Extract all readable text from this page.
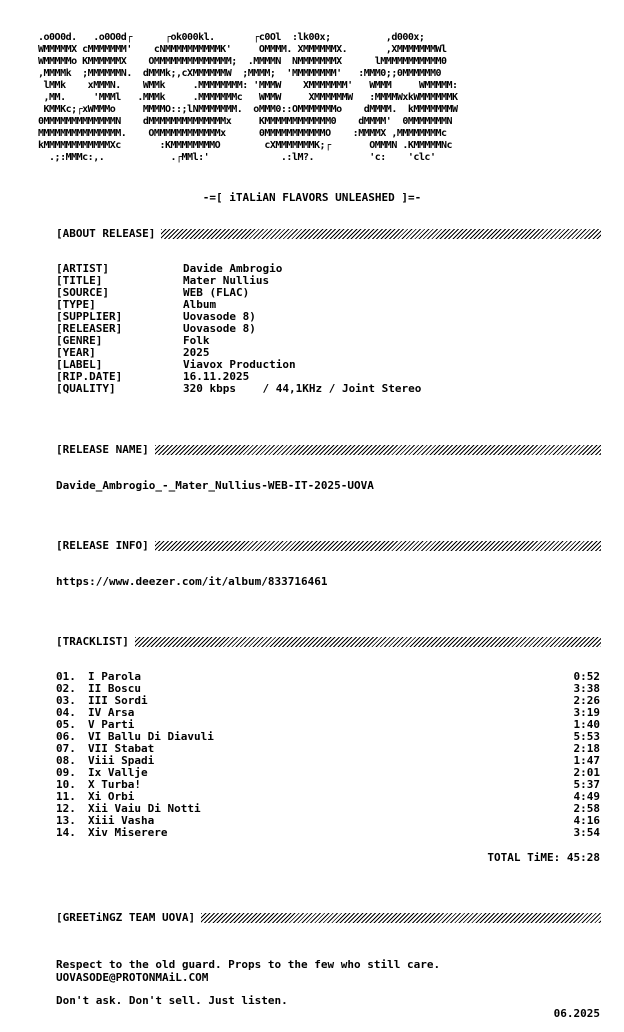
.o0O0d.   .o0O0d┌      ┌ok000kl.       ┌c0Ol  :lk00x;          ,d000x;
WMMMMMX cMMMMMMM'    cNMMMMMMMMMMK'     OMMMM. XMMMMMMX.       ,XMMMMMMMWl
WMMMMMo KMMMMMMX    OMMMMMMMMMMMMMM;  .MMMMN  NMMMMMMMX      lMMMMMMMMMMM0
,MMMMk  ;MMMMMMN.  dMMMk;,cXMMMMMMW  ;MMMM;  'MMMMMMMM'   :MMM0;;0MMMMMM0
lMMk    xMMMN.    WMMk     .MMMMMMMM: 'MMMW    XMMMMMMM'   WMMM     WMMMMM:
,MM.     'MMMl   .MMMk     .MMMMMMMc   WMMW     XMMMMMMW   :MMMMWxkWMMMMMMK
KMMKc;┌xWMMMo     MMMMO::;lNMMMMMMM.  oMMM0::OMMMMMMMo    dMMMM.  kMMMMMMMW
0MMMMMMMMMMMMMN    dMMMMMMMMMMMMMMx     KMMMMMMMMMMMM0    dMMMM'  0MMMMMMMN
MMMMMMMMMMMMMMM.    OMMMMMMMMMMMMx      0MMMMMMMMMMMO    :MMMMX ,MMMMMMMMc
kMMMMMMMMMMMMXc       :KMMMMMMMMO        cXMMMMMMMK;┌       OMMMN .KMMMMMNc
.;:MMMc:,.            .┌MMl:'             .:lM?.          'c:    'clc'
-=[ iTALiAN FLAVORS UNLEASHED ]=-
[ABOUT RELEASE]
[ARTIST]	Davide Ambrogio
[TITLE]	Mater Nullius
[SOURCE]	WEB (FLAC)
[TYPE]	Album
[SUPPLIER]	Uovasode 8)
[RELEASER]	Uovasode 8)
[GENRE]	Folk
[YEAR]	2025
[LABEL]	Viavox Production
[RIP.DATE]	16.11.2025
[QUALITY]	320 kbps    / 44,1KHz / Joint Stereo
[RELEASE NAME]
Davide_Ambrogio_-_Mater_Nullius-WEB-IT-2025-UOVA
[RELEASE INFO]
https://www.deezer.com/it/album/833716461
[TRACKLIST]
01.	I Parola	0:52
02.	II Boscu	3:38
03.	III Sordi	2:26
04.	IV Arsa	3:19
05.	V Parti	1:40
06.	VI Ballu Di Diavuli	5:53
07.	VII Stabat	2:18
08.	Viii Spadi	1:47
09.	Ix Vallje	2:01
10.	X Turba!	5:37
11.	Xi Orbi	4:49
12.	Xii Vaiu Di Notti	2:58
13.	Xiii Vasha	4:16
14.	Xiv Miserere	3:54
TOTAL TiME: 45:28
[GREETiNGZ TEAM UOVA]

Respect to the old guard. Props to the few who still care.

Don't ask. Don't sell. Just listen.

UOVASODE@PROTONMAiL.COM
06.2025
